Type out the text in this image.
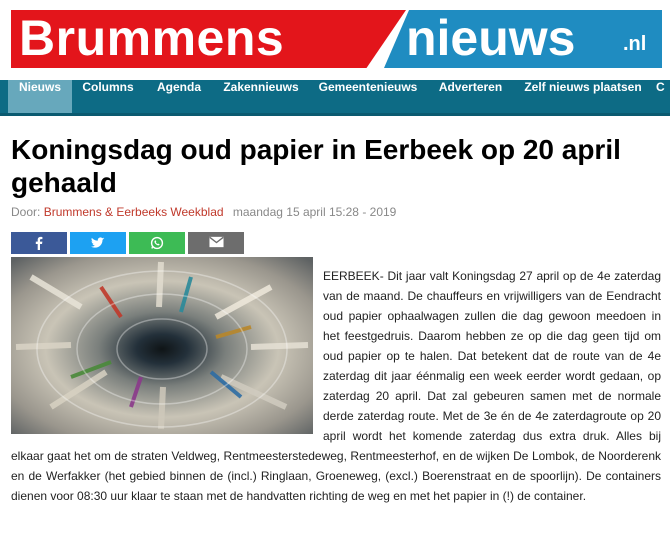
Brummens nieuws .nl
Nieuws	Columns	Agenda	Zakennieuws	Gemeentenieuws	Adverteren	Zelf nieuws plaatsen	C
Koningsdag oud papier in Eerbeek op 20 april gehaald
Door: Brummens & Eerbeeks Weekblad maandag 15 april 15:28 - 2019

EERBEEK- Dit jaar valt Koningsdag 27 april op de 4e zaterdag van de maand. De chauffeurs en vrijwilligers van de Eendracht oud papier ophaalwagen zullen die dag gewoon meedoen in het feestgedruis. Daarom hebben ze op die dag geen tijd om oud papier op te halen. Dat betekent dat de route van de 4e zaterdag dit jaar éénmalig een week eerder wordt gedaan, op zaterdag 20 april. Dat zal gebeuren samen met de normale derde zaterdag route. Met de 3e én de 4e zaterdagroute op 20 april wordt het komende zaterdag dus extra druk. Alles bij elkaar gaat het om de straten Veldweg, Rentmeesterstedeweg, Rentmeesterhof, en de wijken De Lombok, de Noorderenk en de Werfakker (het gebied binnen de (incl.) Ringlaan, Groeneweg, (excl.) Boerenstraat en de spoorlijn). De containers dienen voor 08:30 uur klaar te staan met de handvatten richting de weg en met het papier in (!) de container.
